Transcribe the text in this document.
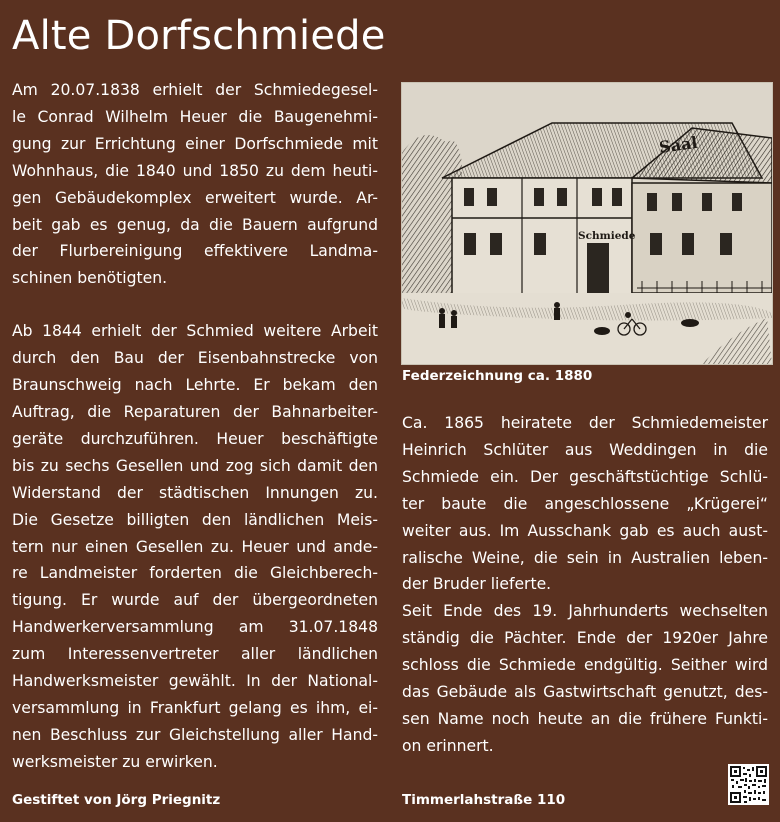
Alte Dorfschmiede

Am 20.07.1838 erhielt der Schmiedegesel-
le Conrad Wilhelm Heuer die Baugenehmi-
gung zur Errichtung einer Dorfschmiede mit
Wohnhaus, die 1840 und 1850 zu dem heuti-
gen Gebäudekomplex erweitert wurde. Ar-
beit gab es genug, da die Bauern aufgrund
der Flurbereinigung effektivere Landma-
schinen benötigten.

Ab 1844 erhielt der Schmied weitere Arbeit
durch den Bau der Eisenbahnstrecke von
Braunschweig nach Lehrte. Er bekam den
Auftrag, die Reparaturen der Bahnarbeiter-
geräte durchzuführen. Heuer beschäftigte
bis zu sechs Gesellen und zog sich damit den
Widerstand der städtischen Innungen zu.
Die Gesetze billigten den ländlichen Meis-
tern nur einen Gesellen zu. Heuer und ande-
re Landmeister forderten die Gleichberech-
tigung. Er wurde auf der übergeordneten
Handwerkerversammlung am 31.07.1848
zum Interessenvertreter aller ländlichen
Handwerksmeister gewählt. In der National-
versammlung in Frankfurt gelang es ihm, ei-
nen Beschluss zur Gleichstellung aller Hand-
werksmeister zu erwirken.

Saal
Schmiede
Federzeichnung ca. 1880

Ca. 1865 heiratete der Schmiedemeister
Heinrich Schlüter aus Weddingen in die
Schmiede ein. Der geschäftstüchtige Schlü-
ter baute die angeschlossene „Krügerei“
weiter aus. Im Ausschank gab es auch aust-
ralische Weine, die sein in Australien leben-
der Bruder lieferte.

Seit Ende des 19. Jahrhunderts wechselten
ständig die Pächter. Ende der 1920er Jahre
schloss die Schmiede endgültig. Seither wird
das Gebäude als Gastwirtschaft genutzt, des-
sen Name noch heute an die frühere Funkti-
on erinnert.

Gestiftet von Jörg Priegnitz	Timmerlahstraße 110
